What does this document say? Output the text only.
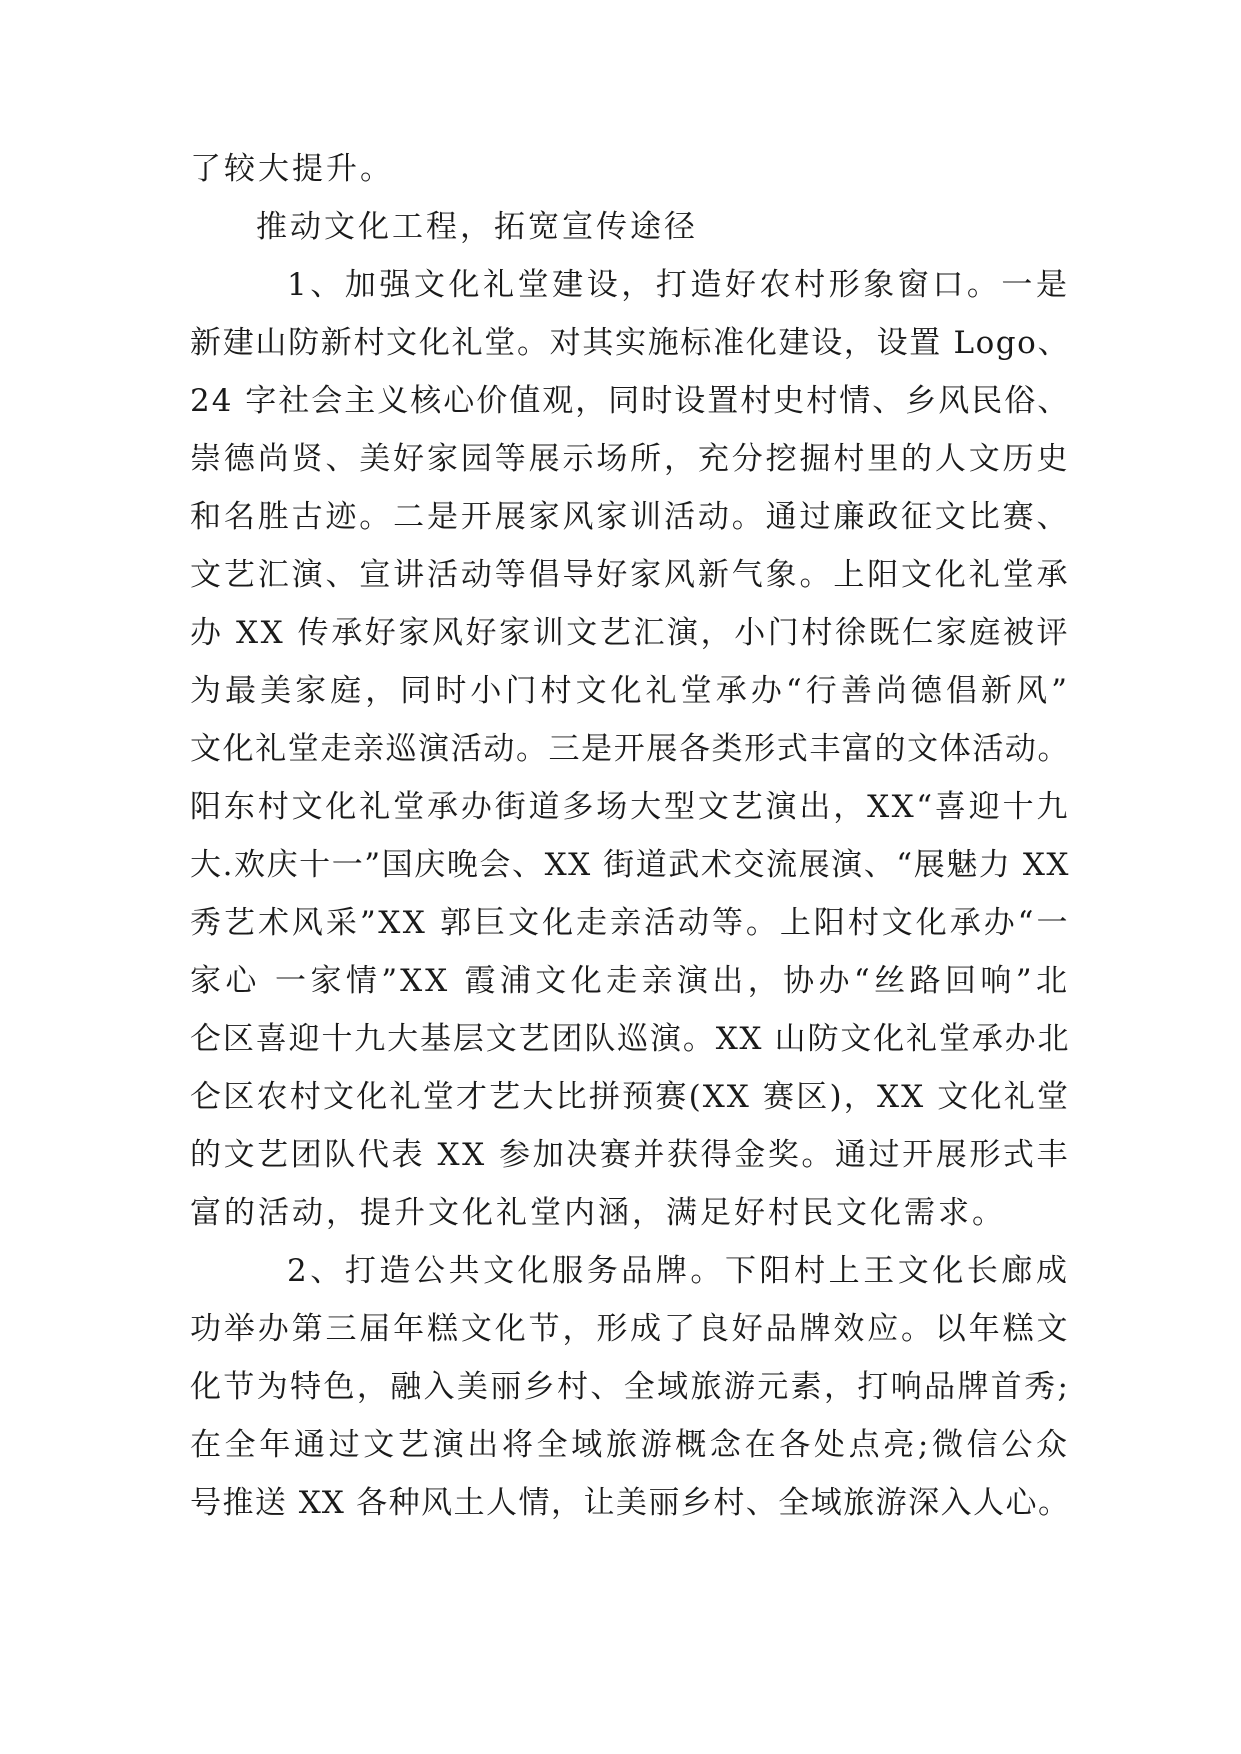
了较大提升。
推动文化工程，拓宽宣传途径
1、加强文化礼堂建设，打造好农村形象窗口。一是
新建山防新村文化礼堂。对其实施标准化建设，设置 Logo、
24 字社会主义核心价值观，同时设置村史村情、乡风民俗、
崇德尚贤、美好家园等展示场所，充分挖掘村里的人文历史
和名胜古迹。二是开展家风家训活动。通过廉政征文比赛、
文艺汇演、宣讲活动等倡导好家风新气象。上阳文化礼堂承
办 XX 传承好家风好家训文艺汇演，小门村徐既仁家庭被评
为最美家庭，同时小门村文化礼堂承办“行善尚德倡新风”
文化礼堂走亲巡演活动。三是开展各类形式丰富的文体活动。
阳东村文化礼堂承办街道多场大型文艺演出，XX“喜迎十九
大.欢庆十一”国庆晚会、XX 街道武术交流展演、“展魅力 XX
秀艺术风采”XX 郭巨文化走亲活动等。上阳村文化承办“一
家心 一家情”XX 霞浦文化走亲演出，协办“丝路回响”北
仑区喜迎十九大基层文艺团队巡演。XX 山防文化礼堂承办北
仑区农村文化礼堂才艺大比拼预赛(XX 赛区)，XX 文化礼堂
的文艺团队代表 XX 参加决赛并获得金奖。通过开展形式丰
富的活动，提升文化礼堂内涵，满足好村民文化需求。
2、打造公共文化服务品牌。下阳村上王文化长廊成
功举办第三届年糕文化节，形成了良好品牌效应。以年糕文
化节为特色，融入美丽乡村、全域旅游元素，打响品牌首秀;
在全年通过文艺演出将全域旅游概念在各处点亮;微信公众
号推送 XX 各种风土人情，让美丽乡村、全域旅游深入人心。
